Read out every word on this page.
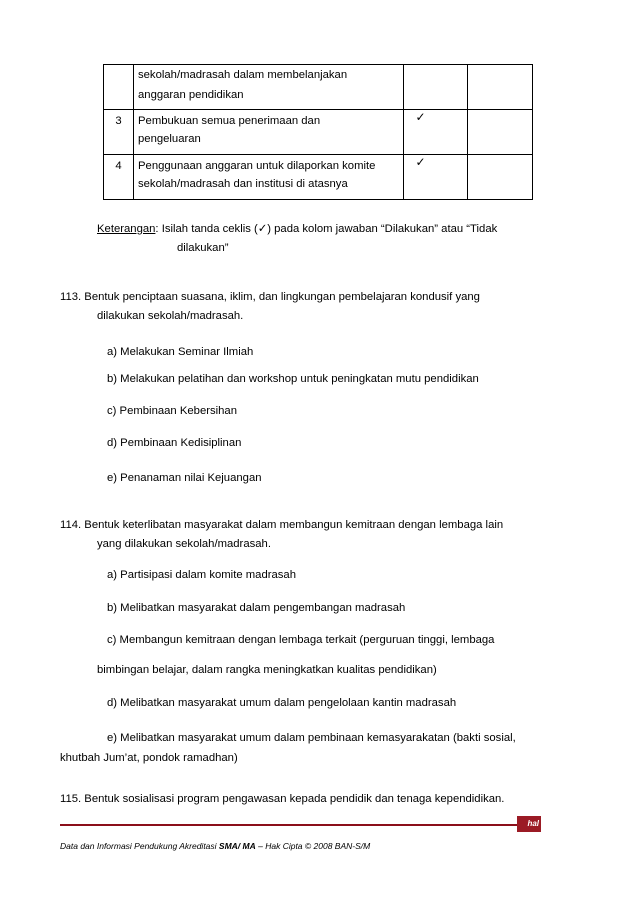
	sekolah/madrasah dalam membelanjakan
anggaran pendidikan		

3	Pembukuan semua penerimaan dan
pengeluaran	✓	

4	Penggunaan anggaran untuk dilaporkan komite
sekolah/madrasah dan institusi di atasnya	✓	

Keterangan: Isilah tanda ceklis (✓) pada kolom jawaban “Dilakukan” atau “Tidak
dilakukan”
113. Bentuk penciptaan suasana, iklim, dan lingkungan pembelajaran kondusif yang
dilakukan sekolah/madrasah.
a) Melakukan Seminar Ilmiah
b) Melakukan pelatihan dan workshop untuk peningkatan mutu pendidikan
c) Pembinaan Kebersihan
d) Pembinaan Kedisiplinan
e) Penanaman nilai Kejuangan
114. Bentuk keterlibatan masyarakat dalam membangun kemitraan dengan lembaga lain
yang dilakukan sekolah/madrasah.
a) Partisipasi dalam komite madrasah
b) Melibatkan masyarakat dalam pengembangan madrasah
c) Membangun kemitraan dengan lembaga terkait (perguruan tinggi, lembaga
bimbingan belajar, dalam rangka meningkatkan kualitas pendidikan)
d) Melibatkan masyarakat umum dalam pengelolaan kantin madrasah
e) Melibatkan masyarakat umum dalam pembinaan kemasyarakatan (bakti sosial,
khutbah Jum’at, pondok ramadhan)
115. Bentuk sosialisasi program pengawasan kepada pendidik dan tenaga kependidikan.
hal
Data dan Informasi Pendukung Akreditasi SMA/ MA – Hak Cipta © 2008 BAN-S/M
